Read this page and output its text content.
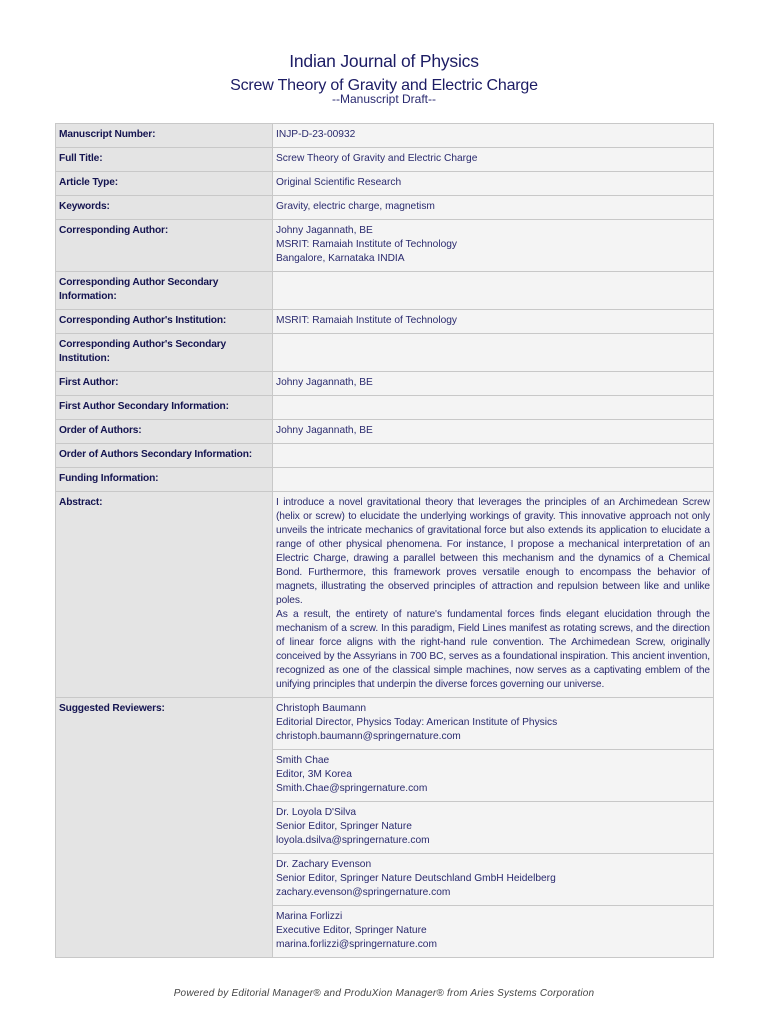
Indian Journal of Physics
Screw Theory of Gravity and Electric Charge
--Manuscript Draft--
Manuscript Number:	INJP-D-23-00932
Full Title:	Screw Theory of Gravity and Electric Charge
Article Type:	Original Scientific Research
Keywords:	Gravity, electric charge, magnetism
Corresponding Author:	Johny Jagannath, BE
MSRIT: Ramaiah Institute of Technology
Bangalore, Karnataka INDIA

Corresponding Author Secondary Information:	
Corresponding Author's Institution:	MSRIT: Ramaiah Institute of Technology
Corresponding Author's Secondary Institution:	
First Author:	Johny Jagannath, BE
First Author Secondary Information:	
Order of Authors:	Johny Jagannath, BE
Order of Authors Secondary Information:	
Funding Information:	
Abstract:	I introduce a novel gravitational theory that leverages the principles of an Archimedean Screw (helix or screw) to elucidate the underlying workings of gravity. This innovative approach not only unveils the intricate mechanics of gravitational force but also extends its application to elucidate a range of other physical phenomena. For instance, I propose a mechanical interpretation of an Electric Charge, drawing a parallel between this mechanism and the dynamics of a Chemical Bond. Furthermore, this framework proves versatile enough to encompass the behavior of magnets, illustrating the observed principles of attraction and repulsion between like and unlike poles.

As a result, the entirety of nature's fundamental forces finds elegant elucidation through the mechanism of a screw. In this paradigm, Field Lines manifest as rotating screws, and the direction of linear force aligns with the right-hand rule convention. The Archimedean Screw, originally conceived by the Assyrians in 700 BC, serves as a foundational inspiration. This ancient invention, recognized as one of the classical simple machines, now serves as a captivating emblem of the unifying principles that underpin the diverse forces governing our universe.

Suggested Reviewers:	Christoph Baumann
Editorial Director, Physics Today: American Institute of Physics
christoph.baumann@springernature.com

	Smith Chae
Editor, 3M Korea
Smith.Chae@springernature.com

	Dr. Loyola D'Silva
Senior Editor, Springer Nature
loyola.dsilva@springernature.com

	Dr. Zachary Evenson
Senior Editor, Springer Nature Deutschland GmbH Heidelberg
zachary.evenson@springernature.com

	Marina Forlizzi
Executive Editor, Springer Nature
marina.forlizzi@springernature.com
Powered by Editorial Manager® and ProduXion Manager® from Aries Systems Corporation
